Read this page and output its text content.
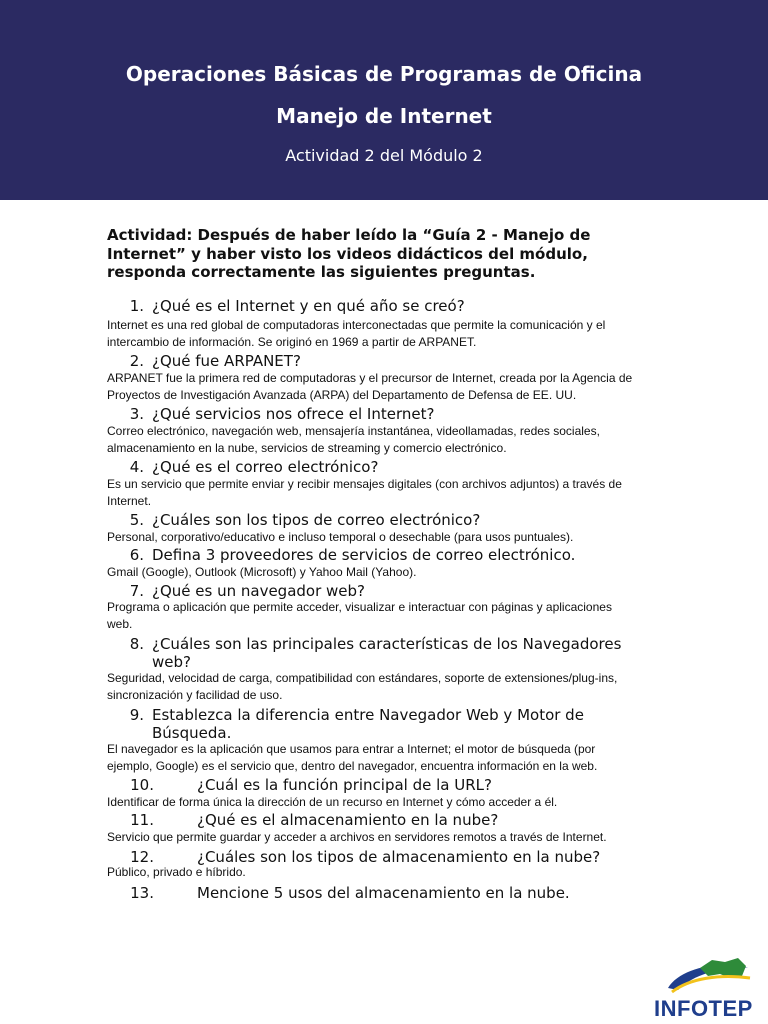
Operaciones Básicas de Programas de Oficina
Manejo de Internet
Actividad 2 del Módulo 2
Actividad: Después de haber leído la “Guía 2 - Manejo de Internet” y haber visto los videos didácticos del módulo, responda correctamente las siguientes preguntas.
1. ¿Qué es el Internet y en qué año se creó?
Internet es una red global de computadoras interconectadas que permite la comunicación y el
intercambio de información. Se originó en 1969 a partir de ARPANET.
2. ¿Qué fue ARPANET?
ARPANET fue la primera red de computadoras y el precursor de Internet, creada por la Agencia de
Proyectos de Investigación Avanzada (ARPA) del Departamento de Defensa de EE. UU.
3. ¿Qué servicios nos ofrece el Internet?
Correo electrónico, navegación web, mensajería instantánea, videollamadas, redes sociales,
almacenamiento en la nube, servicios de streaming y comercio electrónico.
4. ¿Qué es el correo electrónico?
Es un servicio que permite enviar y recibir mensajes digitales (con archivos adjuntos) a través de
Internet.
5. ¿Cuáles son los tipos de correo electrónico?
Personal, corporativo/educativo e incluso temporal o desechable (para usos puntuales).
6. Defina 3 proveedores de servicios de correo electrónico.
Gmail (Google), Outlook (Microsoft) y Yahoo Mail (Yahoo).
7. ¿Qué es un navegador web?
Programa o aplicación que permite acceder, visualizar e interactuar con páginas y aplicaciones
web.
8. ¿Cuáles son las principales características de los Navegadores
web?
Seguridad, velocidad de carga, compatibilidad con estándares, soporte de extensiones/plug-ins,
sincronización y facilidad de uso.
9. Establezca la diferencia entre Navegador Web y Motor de
Búsqueda.
El navegador es la aplicación que usamos para entrar a Internet; el motor de búsqueda (por
ejemplo, Google) es el servicio que, dentro del navegador, encuentra información en la web.
10.	¿Cuál es la función principal de la URL?
Identificar de forma única la dirección de un recurso en Internet y cómo acceder a él.
11.	¿Qué es el almacenamiento en la nube?
Servicio que permite guardar y acceder a archivos en servidores remotos a través de Internet.
12.	¿Cuáles son los tipos de almacenamiento en la nube?
Público, privado e híbrido.
13.	Mencione 5 usos del almacenamiento en la nube.
INFOTEP
